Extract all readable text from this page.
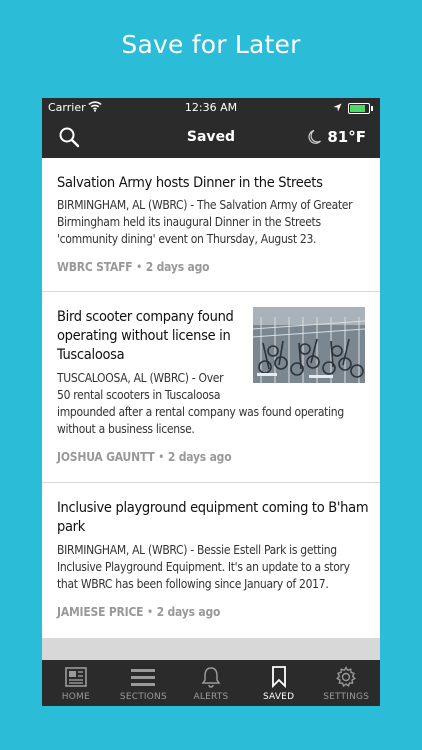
Save for Later
Carrier	12:36 AM
Saved	81°F
Salvation Army hosts Dinner in the Streets
BIRMINGHAM, AL (WBRC) - The Salvation Army of Greater
Birmingham held its inaugural Dinner in the Streets
'community dining' event on Thursday, August 23.
WBRC STAFF • 2 days ago
Bird scooter company found
operating without license in
Tuscaloosa
TUSCALOOSA, AL (WBRC) - Over
50 rental scooters in Tuscaloosa
impounded after a rental company was found operating
without a business license.
JOSHUA GAUNTT • 2 days ago
Inclusive playground equipment coming to B'ham
park
BIRMINGHAM, AL (WBRC) - Bessie Estell Park is getting
Inclusive Playground Equipment. It's an update to a story
that WBRC has been following since January of 2017.
JAMIESE PRICE • 2 days ago
HOME	SECTIONS	ALERTS	SAVED	SETTINGS
